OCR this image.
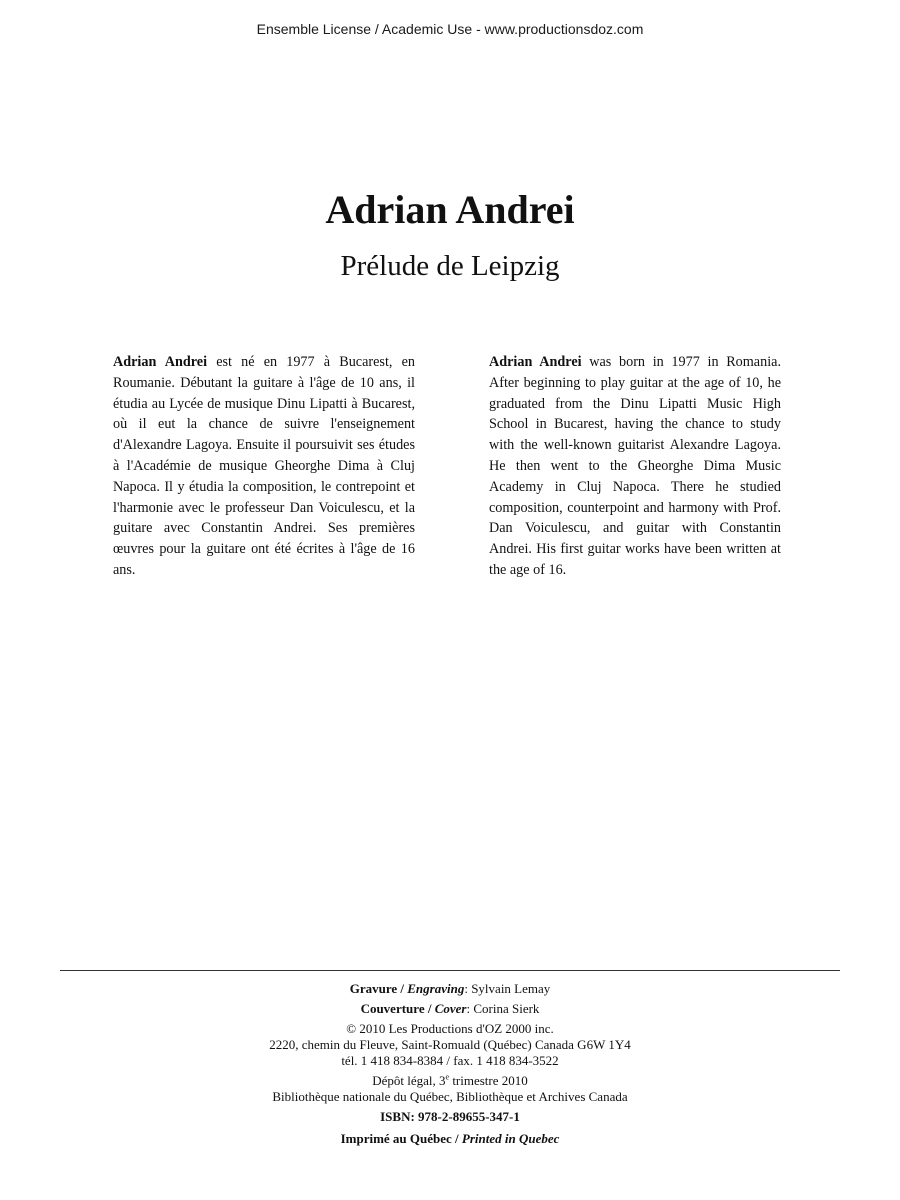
Ensemble License / Academic Use - www.productionsdoz.com
Adrian Andrei
Prélude de Leipzig
Adrian Andrei est né en 1977 à Bucarest, en Roumanie. Débutant la guitare à l'âge de 10 ans, il étudia au Lycée de musique Dinu Lipatti à Bucarest, où il eut la chance de suivre l'enseignement d'Alexandre Lagoya. Ensuite il poursuivit ses études à l'Académie de musique Gheorghe Dima à Cluj Napoca. Il y étudia la composition, le contrepoint et l'harmonie avec le professeur Dan Voiculescu, et la guitare avec Constantin Andrei. Ses premières œuvres pour la guitare ont été écrites à l'âge de 16 ans.
Adrian Andrei was born in 1977 in Romania. After beginning to play guitar at the age of 10, he graduated from the Dinu Lipatti Music High School in Bucarest, having the chance to study with the well-known guitarist Alexandre Lagoya. He then went to the Gheorghe Dima Music Academy in Cluj Napoca. There he studied composition, counterpoint and harmony with Prof. Dan Voiculescu, and guitar with Constantin Andrei. His first guitar works have been written at the age of 16.
Gravure / Engraving: Sylvain Lemay
Couverture / Cover: Corina Sierk
© 2010 Les Productions d'OZ 2000 inc.
2220, chemin du Fleuve, Saint-Romuald (Québec) Canada G6W 1Y4
tél. 1 418 834-8384 / fax. 1 418 834-3522
Dépôt légal, 3e trimestre 2010
Bibliothèque nationale du Québec, Bibliothèque et Archives Canada
ISBN: 978-2-89655-347-1
Imprimé au Québec / Printed in Quebec
